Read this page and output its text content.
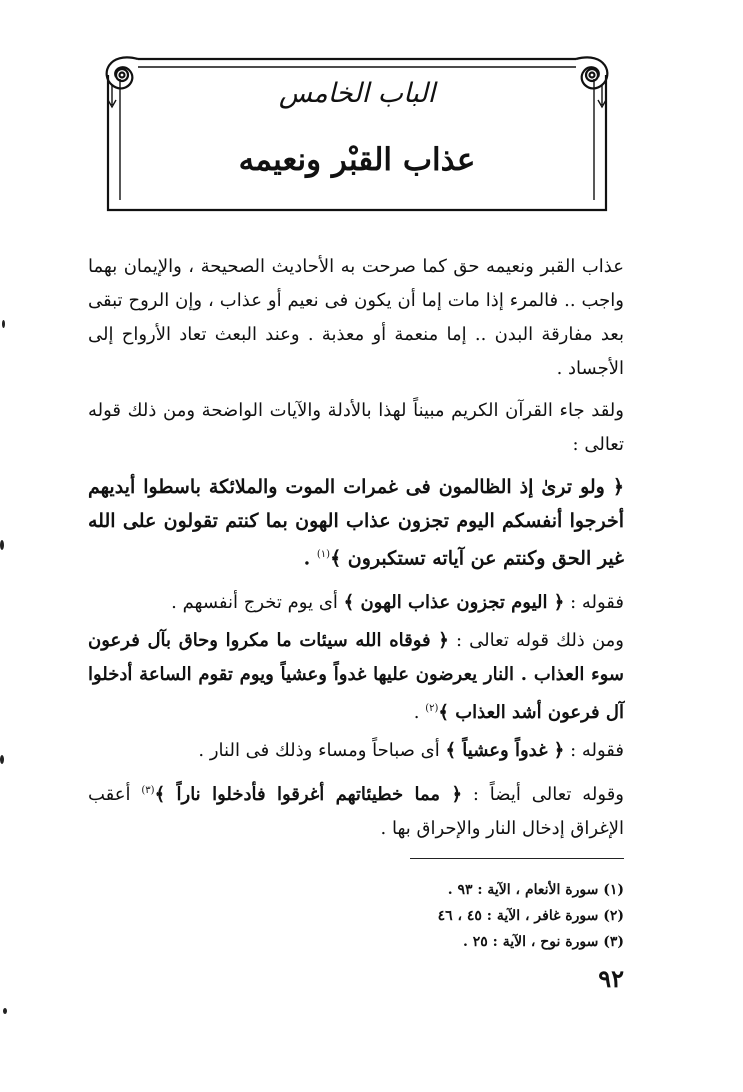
الباب الخامس
عذاب القبْر ونعيمه

عذاب القبر ونعيمه حق كما صرحت به الأحاديث الصحيحة ، والإيمان بهما واجب .. فالمرء إذا مات إما أن يكون فى نعيم أو عذاب ، وإن الروح تبقى بعد مفارقة البدن .. إما منعمة أو معذبة . وعند البعث تعاد الأرواح إلى الأجساد .

ولقد جاء القرآن الكريم مبيناً لهذا بالأدلة والآيات الواضحة ومن ذلك قوله تعالى :

﴿ ولو ترىٰ إذ الظالمون فى غمرات الموت والملائكة باسطوا أيديهم أخرجوا أنفسكم اليوم تجزون عذاب الهون بما كنتم تقولون على الله غير الحق وكنتم عن آياته تستكبرون ﴾$^{(١)}$ .

فقوله : ﴿ اليوم تجزون عذاب الهون ﴾ أى يوم تخرج أنفسهم .

ومن ذلك قوله تعالى : ﴿ فوقاه الله سيئات ما مكروا وحاق بآل فرعون سوء العذاب . النار يعرضون عليها غدواً وعشياً ويوم تقوم الساعة أدخلوا آل فرعون أشد العذاب ﴾$^{(٢)}$ .

فقوله : ﴿ غدواً وعشياً ﴾ أى صباحاً ومساء وذلك فى النار .

وقوله تعالى أيضاً : ﴿ مما خطيئاتهم أغرقوا فأدخلوا ناراً ﴾$^{(٣)}$ أعقب الإغراق إدخال النار والإحراق بها .

(١) سورة الأنعام ، الآية : ٩٣ .
(٢) سورة غافر ، الآية : ٤٥ ، ٤٦
(٣) سورة نوح ، الآية : ٢٥ .
٩٢
